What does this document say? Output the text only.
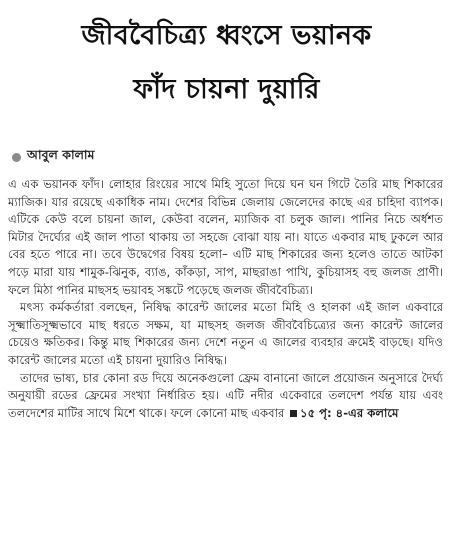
জীববৈচিত্র্য ধ্বংসে ভয়ানক
ফাঁদ চায়না দুয়ারি
আবুল কালাম

এ এক ভয়ানক ফাঁদ। লোহার রিংয়ের সাথে মিহি সুতো দিয়ে ঘন ঘন গিটে তৈরি মাছ শিকারের ম্যাজিক। যার রয়েছে একাধিক নাম। দেশের বিভিন্ন জেলায় জেলেদের কাছে এর চাহিদা ব্যাপক। এটিকে কেউ বলে চায়না জাল, কেউবা বলেন, ম্যাজিক বা চলুক জাল। পানির নিচে অর্ধশত মিটার দৈর্ঘ্যের এই জাল পাতা থাকায় তা সহজে বোঝা যায় না। যাতে একবার মাছ ঢুকলে আর বের হতে পারে না। তবে উদ্বেগের বিষয় হলো– এটি মাছ শিকারের জন্য হলেও তাতে আটকা পড়ে মারা যায় শামুক-ঝিনুক, ব্যাঙ, কাঁকড়া, সাপ, মাছরাঙা পাখি, কুচিয়াসহ বহু জলজ প্রাণী। ফলে মিঠা পানির মাছসহ ভয়াবহ সঙ্কটে পড়েছে জলজ জীববৈচিত্র্য।

মৎস্য কর্মকর্তারা বলছেন, নিষিদ্ধ কারেন্ট জালের মতো মিহি ও হালকা এই জাল একবারে সূক্ষ্মাতিসূক্ষ্মভাবে মাছ ধরতে সক্ষম, যা মাছসহ জলজ জীববৈচিত্র্যের জন্য কারেন্ট জালের চেয়েও ক্ষতিকর। কিন্তু মাছ শিকারের জন্য দেশে নতুন এ জালের ব্যবহার ক্রমেই বাড়ছে। যদিও কারেন্ট জালের মতো এই চায়না দুয়ারিও নিষিদ্ধ।

তাদের ভাষ্য, চার কোনা রড দিয়ে অনেকগুলো ফ্রেম বানানো জালে প্রয়োজন অনুসারে দৈর্ঘ্য অনুযায়ী রডের ফ্রেমের সংখ্যা নির্ধারিত হয়। এটি নদীর একেবারে তলদেশ পর্যন্ত যায় এবং তলদেশের মাটির সাথে মিশে থাকে। ফলে কোনো মাছ একবার ১৫ পৃ: ৪-এর কলামে
